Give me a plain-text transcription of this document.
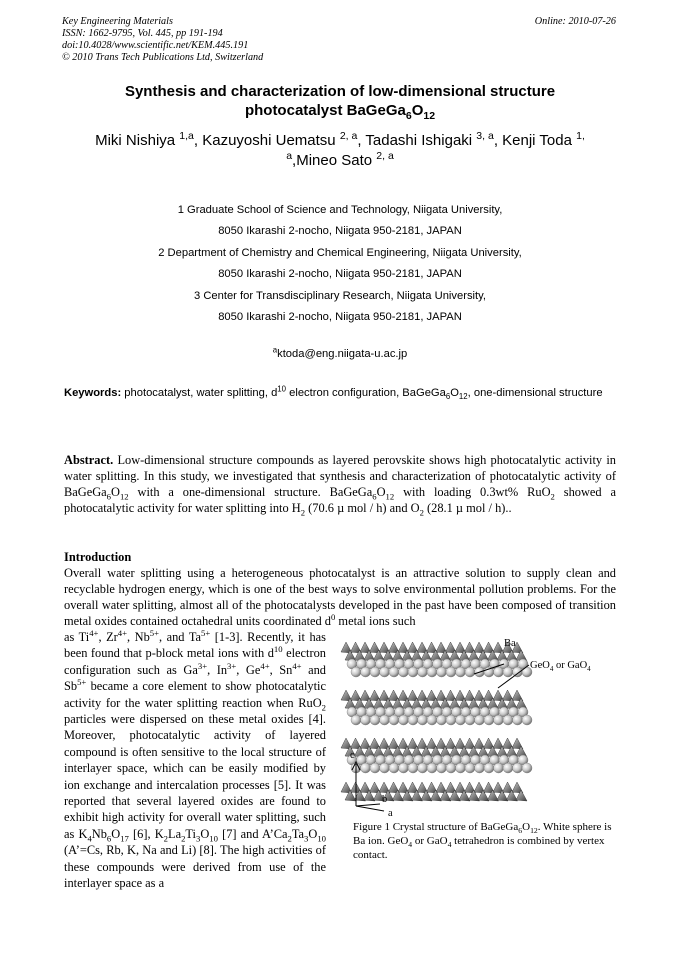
Key Engineering Materials
ISSN: 1662-9795, Vol. 445, pp 191-194
doi:10.4028/www.scientific.net/KEM.445.191
© 2010 Trans Tech Publications Ltd, Switzerland
Online: 2010-07-26
Synthesis and characterization of low-dimensional structure
photocatalyst $BaGeGa_6O_{12}$
Miki Nishiya $^{1,a}$, Kazuyoshi Uematsu $^{2, a}$, Tadashi Ishigaki $^{3, a}$, Kenji Toda $^{1,}$
$^a$,Mineo Sato $^{2, a}$
1 Graduate School of Science and Technology, Niigata University,
8050 Ikarashi 2-nocho, Niigata 950-2181, JAPAN
2 Department of Chemistry and Chemical Engineering, Niigata University,
8050 Ikarashi 2-nocho, Niigata 950-2181, JAPAN
3 Center for Transdisciplinary Research, Niigata University,
8050 Ikarashi 2-nocho, Niigata 950-2181, JAPAN
$^a$ktoda@eng.niigata-u.ac.jp
Keywords: photocatalyst, water splitting, $d^{10}$ electron configuration, $BaGeGa_6O_{12}$, one-dimensional structure
Abstract. Low-dimensional structure compounds as layered perovskite shows high photocatalytic activity in water splitting. In this study, we investigated that synthesis and characterization of photocatalytic activity of $BaGeGa_6O_{12}$ with a one-dimensional structure. $BaGeGa_6O_{12}$ with loading 0.3wt% RuO$_2$ showed a photocatalytic activity for water splitting into $H_2$ (70.6 µ mol / h) and $O_2$ (28.1 µ mol / h)..
Introduction
Overall water splitting using a heterogeneous photocatalyst is an attractive solution to supply clean and recyclable hydrogen energy, which is one of the best ways to solve environmental pollution problems. For the overall water splitting, almost all of the photocatalysts developed in the past have been composed of transition metal oxides contained octahedral units coordinated $d^0$ metal ions such
as $Ti^{4+}$, $Zr^{4+}$, $Nb^{5+}$, and $Ta^{5+}$ [1-3]. Recently, it has been found that p-block metal ions with $d^{10}$ electron configuration such as $Ga^{3+}$, $In^{3+}$, $Ge^{4+}$, $Sn^{4+}$ and $Sb^{5+}$ became a core element to show photocatalytic activity for the water splitting reaction when RuO$_2$ particles were dispersed on these metal oxides [4]. Moreover, photocatalytic activity of layered compound is often sensitive to the local structure of interlayer space, which can be easily modified by ion exchange and intercalation processes [5]. It was reported that several layered oxides are found to exhibit high activity for overall water splitting, such as $K_4Nb_6O_{17}$ [6], $K_2La_2Ti_3O_{10}$ [7] and $A’Ca_2Ta_3O_{10}$ (A’=Cs, Rb, K, Na and Li) [8]. The high activities of these compounds were derived from use of the interlayer space as a
Ba
GeO$_4$ or GaO$_4$
c
b
a
Figure 1 Crystal structure of $BaGeGa_6O_{12}$. White sphere is Ba ion. GeO$_4$ or GaO$_4$ tetrahedron is combined by vertex contact.
